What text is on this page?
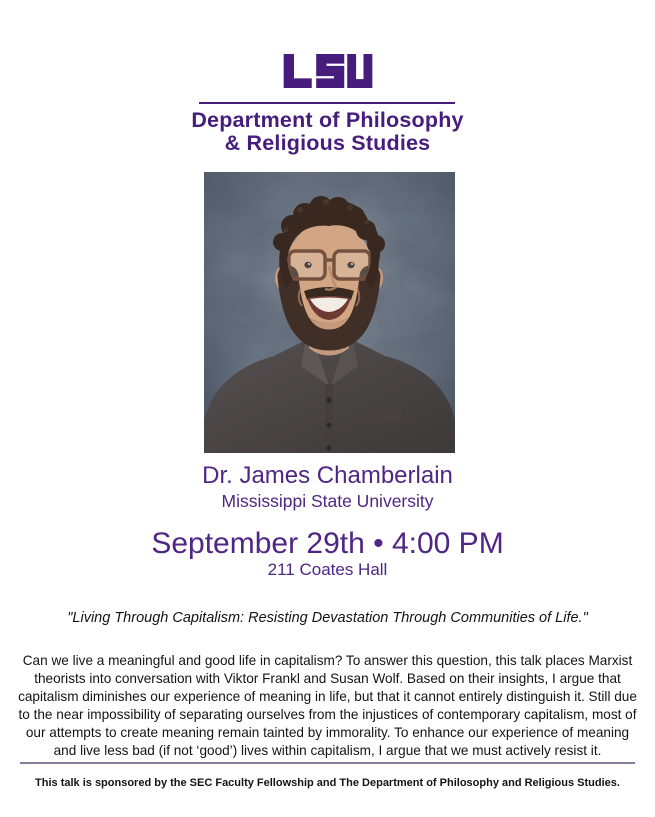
Department of Philosophy
& Religious Studies
Dr. James Chamberlain
Mississippi State University
September 29th • 4:00 PM
211 Coates Hall
"Living Through Capitalism: Resisting Devastation Through Communities of Life."
Can we live a meaningful and good life in capitalism? To answer this question, this talk places Marxist theorists into conversation with Viktor Frankl and Susan Wolf. Based on their insights, I argue that capitalism diminishes our experience of meaning in life, but that it cannot entirely distinguish it. Still due to the near impossibility of separating ourselves from the injustices of contemporary capitalism, most of our attempts to create meaning remain tainted by immorality. To enhance our experience of meaning and live less bad (if not ‘good’) lives within capitalism, I argue that we must actively resist it.
This talk is sponsored by the SEC Faculty Fellowship and The Department of Philosophy and Religious Studies.
